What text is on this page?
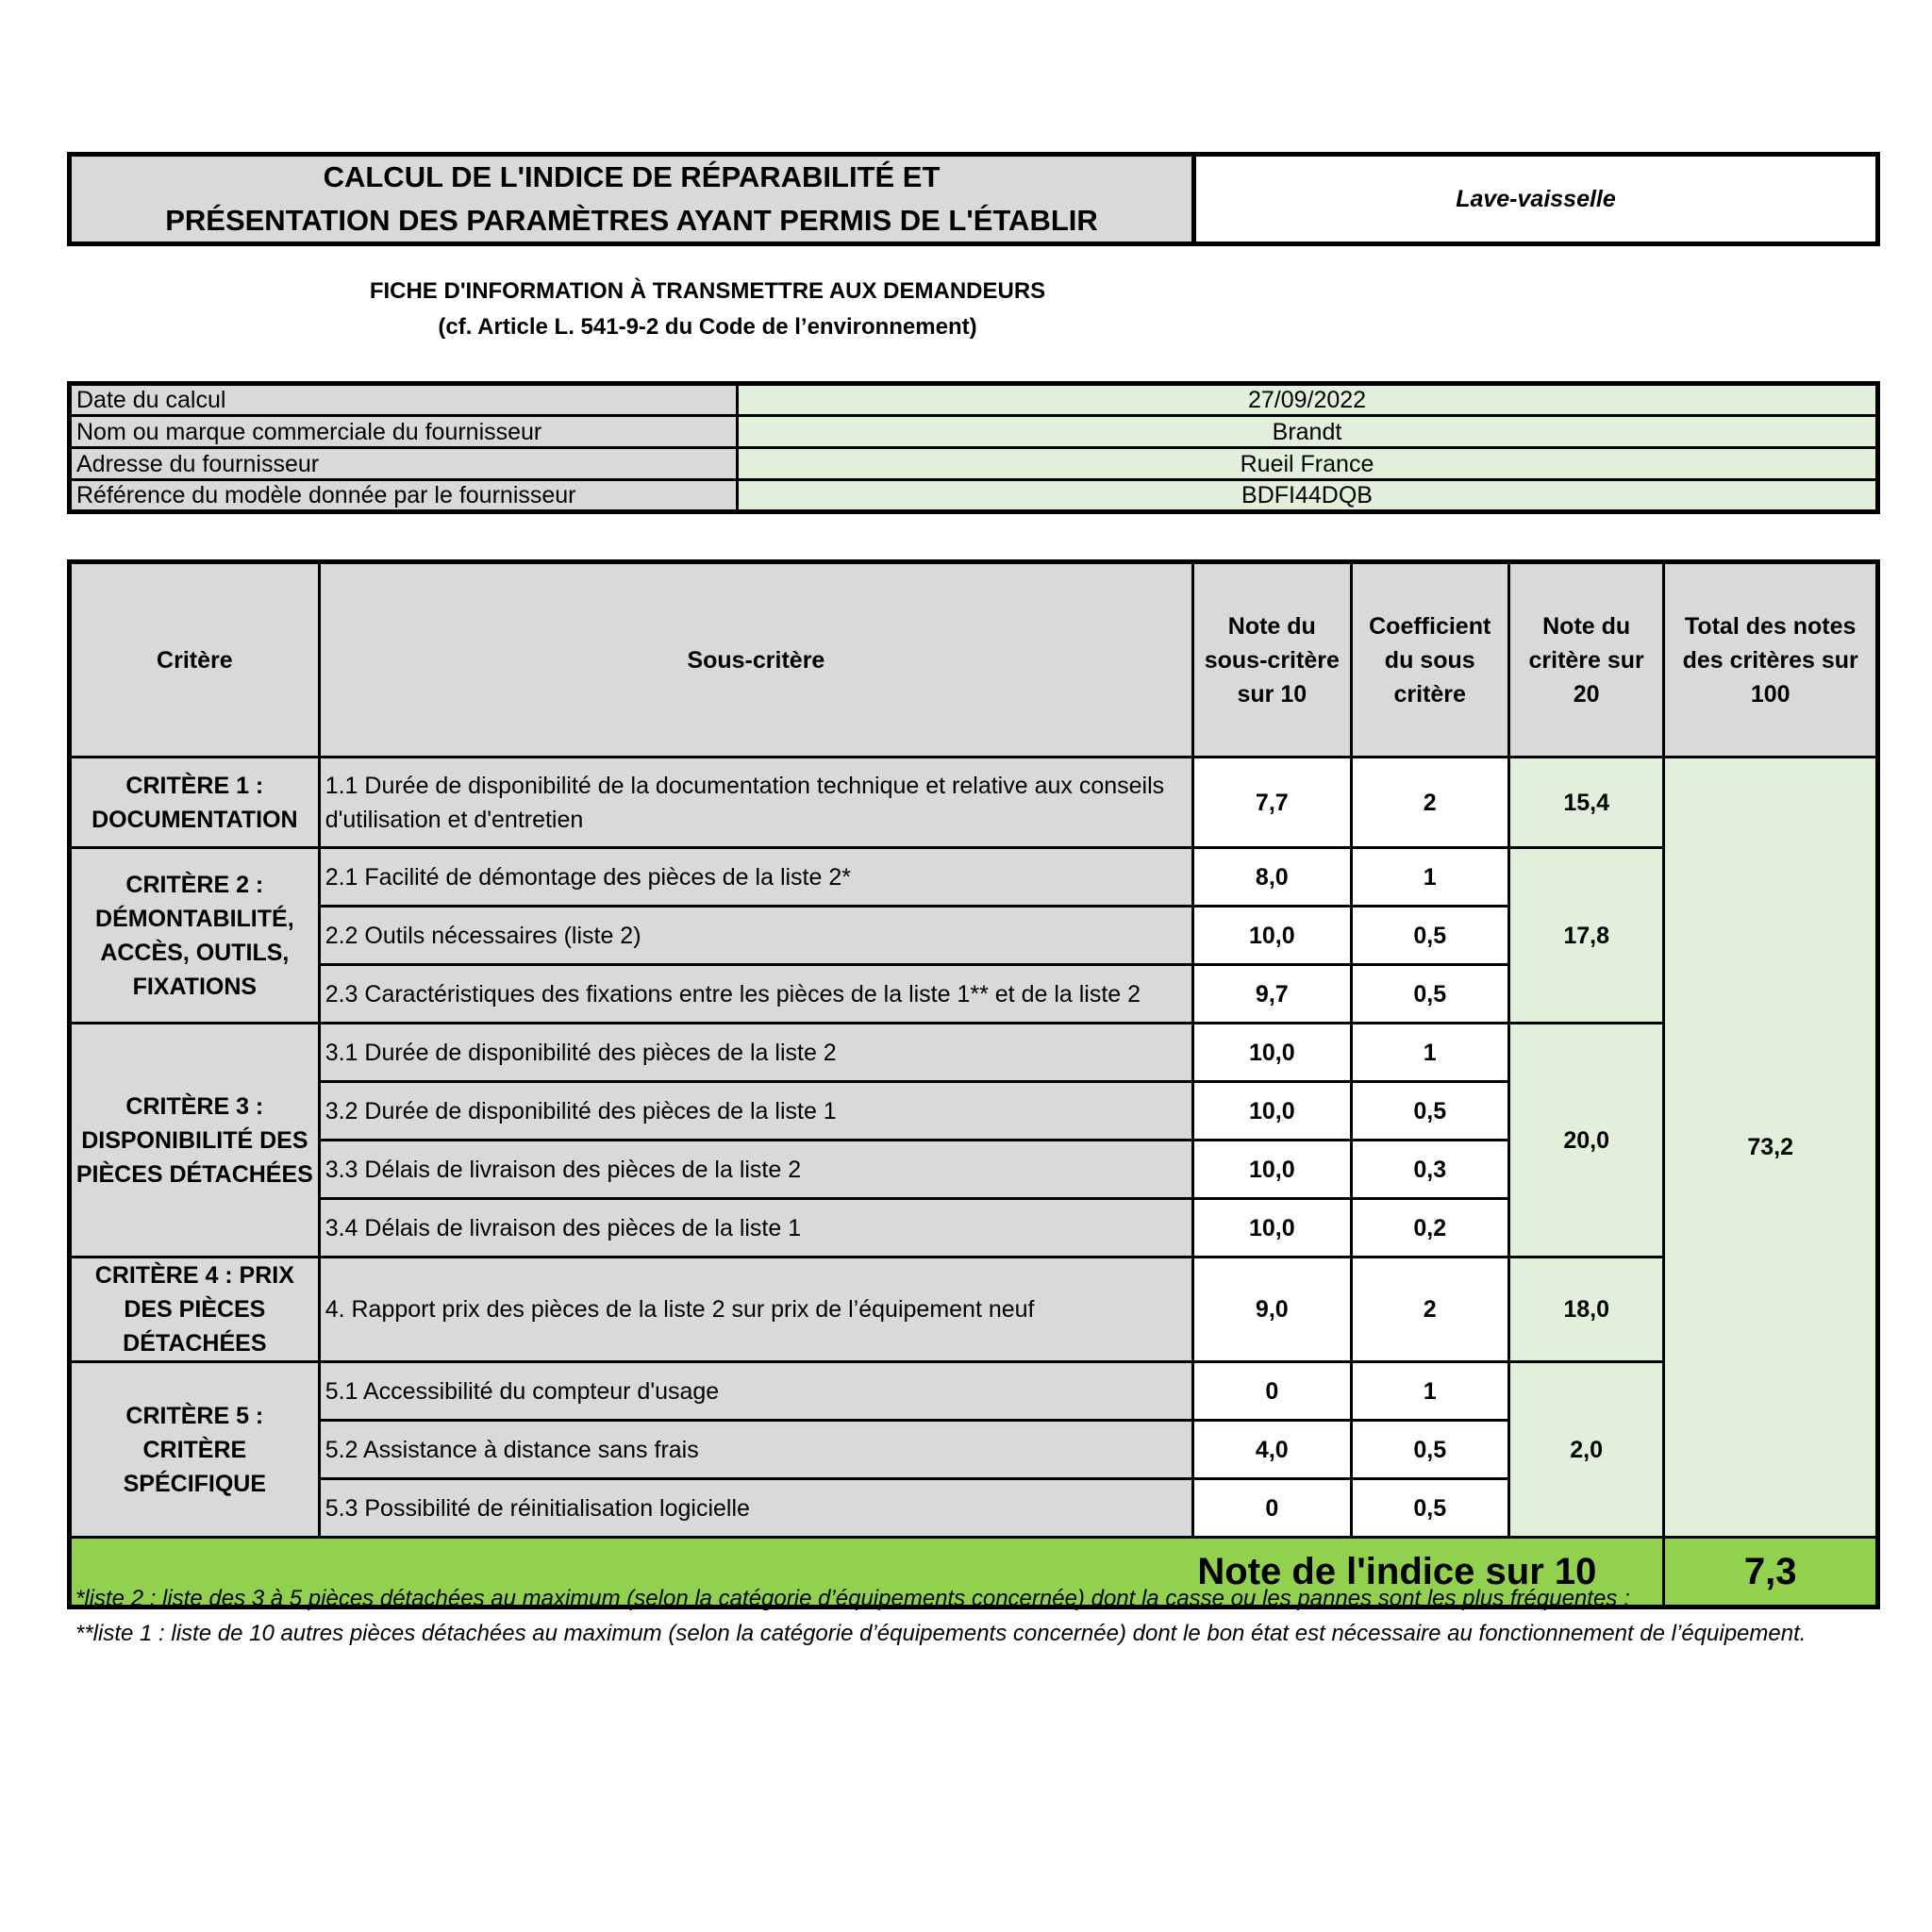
CALCUL DE L'INDICE DE RÉPARABILITÉ ET
PRÉSENTATION DES PARAMÈTRES AYANT PERMIS DE L'ÉTABLIR
Lave-vaisselle
FICHE D'INFORMATION À TRANSMETTRE AUX DEMANDEURS
(cf. Article L. 541-9-2 du Code de l’environnement)
Date du calcul	27/09/2022
Nom ou marque commerciale du fournisseur	Brandt
Adresse du fournisseur	Rueil France
Référence du modèle donnée par le fournisseur	BDFI44DQB
Critère	Sous-critère	Note du sous-critère sur 10	Coefficient du sous critère	Note du critère sur 20	Total des notes des critères sur 100
CRITÈRE 1 : DOCUMENTATION	1.1 Durée de disponibilité de la documentation technique et relative aux conseils d'utilisation et d'entretien	7,7	2	15,4	73,2
CRITÈRE 2 : DÉMONTABILITÉ, ACCÈS, OUTILS, FIXATIONS	2.1 Facilité de démontage des pièces de la liste 2*	8,0	1	17,8	
	2.2 Outils nécessaires (liste 2)	10,0	0,5		
	2.3 Caractéristiques des fixations entre les pièces de la liste 1** et de la liste 2	9,7	0,5		
CRITÈRE 3 : DISPONIBILITÉ DES PIÈCES DÉTACHÉES	3.1 Durée de disponibilité des pièces de la liste 2	10,0	1	20,0	
	3.2 Durée de disponibilité des pièces de la liste 1	10,0	0,5		
	3.3 Délais de livraison des pièces de la liste 2	10,0	0,3		
	3.4 Délais de livraison des pièces de la liste 1	10,0	0,2		
CRITÈRE 4 : PRIX DES PIÈCES DÉTACHÉES	4. Rapport prix des pièces de la liste 2 sur prix de l’équipement neuf	9,0	2	18,0	
CRITÈRE 5 : CRITÈRE SPÉCIFIQUE	5.1 Accessibilité du compteur d'usage	0	1	2,0	
	5.2 Assistance à distance sans frais	4,0	0,5		
	5.3 Possibilité de réinitialisation logicielle	0	0,5		
Note de l'indice sur 10					7,3

*liste 2 : liste des 3 à 5 pièces détachées au maximum (selon la catégorie d’équipements concernée) dont la casse ou les pannes sont les plus fréquentes ;

**liste 1 : liste de 10 autres pièces détachées au maximum (selon la catégorie d’équipements concernée) dont le bon état est nécessaire au fonctionnement de l’équipement.
